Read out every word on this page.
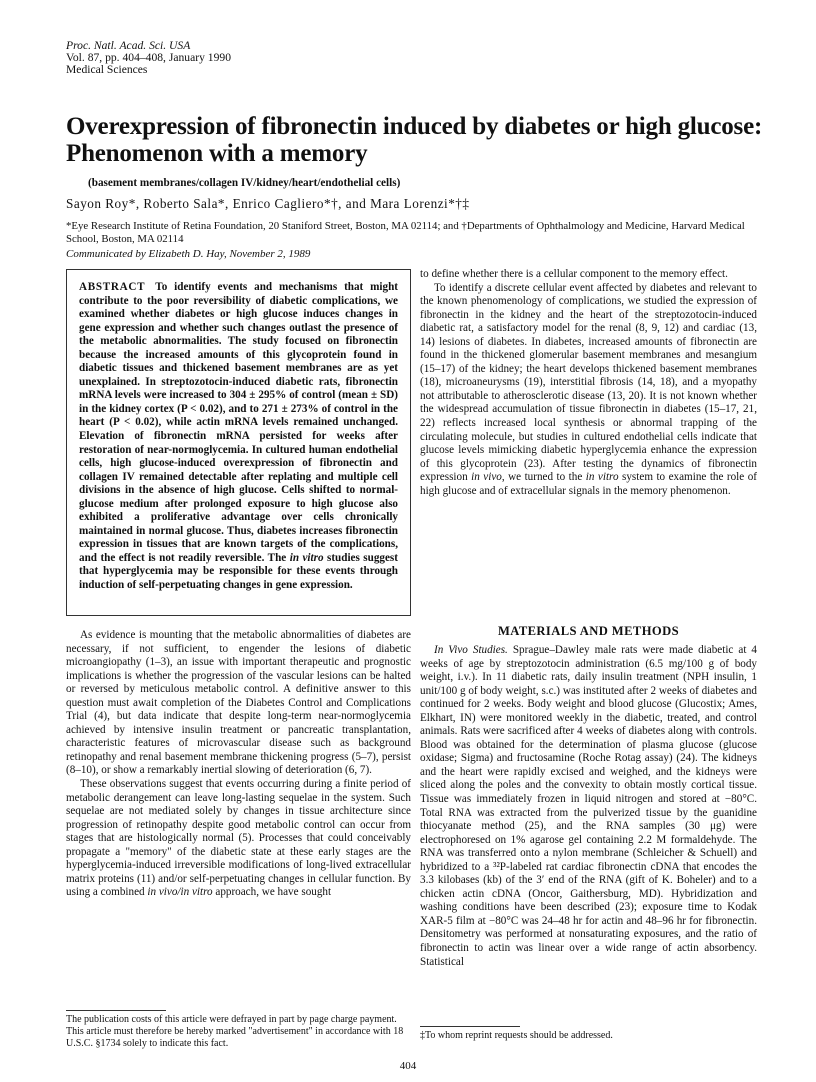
Proc. Natl. Acad. Sci. USA
Vol. 87, pp. 404–408, January 1990
Medical Sciences
Overexpression of fibronectin induced by diabetes or high glucose:
Phenomenon with a memory
(basement membranes/collagen IV/kidney/heart/endothelial cells)
Sayon Roy*, Roberto Sala*, Enrico Cagliero*†, and Mara Lorenzi*†‡
*Eye Research Institute of Retina Foundation, 20 Staniford Street, Boston, MA 02114; and †Departments of Ophthalmology and Medicine, Harvard Medical School, Boston, MA 02114
Communicated by Elizabeth D. Hay, November 2, 1989
ABSTRACT To identify events and mechanisms that might contribute to the poor reversibility of diabetic complications, we examined whether diabetes or high glucose induces changes in gene expression and whether such changes outlast the presence of the metabolic abnormalities. The study focused on fibronectin because the increased amounts of this glycoprotein found in diabetic tissues and thickened basement membranes are as yet unexplained. In streptozotocin-induced diabetic rats, fibronectin mRNA levels were increased to 304 ± 295% of control (mean ± SD) in the kidney cortex (P < 0.02), and to 271 ± 273% of control in the heart (P < 0.02), while actin mRNA levels remained unchanged. Elevation of fibronectin mRNA persisted for weeks after restoration of near-normoglycemia. In cultured human endothelial cells, high glucose-induced overexpression of fibronectin and collagen IV remained detectable after replating and multiple cell divisions in the absence of high glucose. Cells shifted to normal-glucose medium after prolonged exposure to high glucose also exhibited a proliferative advantage over cells chronically maintained in normal glucose. Thus, diabetes increases fibronectin expression in tissues that are known targets of the complications, and the effect is not readily reversible. The in vitro studies suggest that hyperglycemia may be responsible for these events through induction of self-perpetuating changes in gene expression.

As evidence is mounting that the metabolic abnormalities of diabetes are necessary, if not sufficient, to engender the lesions of diabetic microangiopathy (1–3), an issue with important therapeutic and prognostic implications is whether the progression of the vascular lesions can be halted or reversed by meticulous metabolic control. A definitive answer to this question must await completion of the Diabetes Control and Complications Trial (4), but data indicate that despite long-term near-normoglycemia achieved by intensive insulin treatment or pancreatic transplantation, characteristic features of microvascular disease such as background retinopathy and renal basement membrane thickening progress (5–7), persist (8–10), or show a remarkably inertial slowing of deterioration (6, 7).

These observations suggest that events occurring during a finite period of metabolic derangement can leave long-lasting sequelae in the system. Such sequelae are not mediated solely by changes in tissue architecture since progression of retinopathy despite good metabolic control can occur from stages that are histologically normal (5). Processes that could conceivably propagate a "memory" of the diabetic state at these early stages are the hyperglycemia-induced irreversible modifications of long-lived extracellular matrix proteins (11) and/or self-perpetuating changes in cellular function. By using a combined in vivo/in vitro approach, we have sought

to define whether there is a cellular component to the memory effect.

To identify a discrete cellular event affected by diabetes and relevant to the known phenomenology of complications, we studied the expression of fibronectin in the kidney and the heart of the streptozotocin-induced diabetic rat, a satisfactory model for the renal (8, 9, 12) and cardiac (13, 14) lesions of diabetes. In diabetes, increased amounts of fibronectin are found in the thickened glomerular basement membranes and mesangium (15–17) of the kidney; the heart develops thickened basement membranes (18), microaneurysms (19), interstitial fibrosis (14, 18), and a myopathy not attributable to atherosclerotic disease (13, 20). It is not known whether the widespread accumulation of tissue fibronectin in diabetes (15–17, 21, 22) reflects increased local synthesis or abnormal trapping of the circulating molecule, but studies in cultured endothelial cells indicate that glucose levels mimicking diabetic hyperglycemia enhance the expression of this glycoprotein (23). After testing the dynamics of fibronectin expression in vivo, we turned to the in vitro system to examine the role of high glucose and of extracellular signals in the memory phenomenon.

MATERIALS AND METHODS

In Vivo Studies. Sprague–Dawley male rats were made diabetic at 4 weeks of age by streptozotocin administration (6.5 mg/100 g of body weight, i.v.). In 11 diabetic rats, daily insulin treatment (NPH insulin, 1 unit/100 g of body weight, s.c.) was instituted after 2 weeks of diabetes and continued for 2 weeks. Body weight and blood glucose (Glucostix; Ames, Elkhart, IN) were monitored weekly in the diabetic, treated, and control animals. Rats were sacrificed after 4 weeks of diabetes along with controls. Blood was obtained for the determination of plasma glucose (glucose oxidase; Sigma) and fructosamine (Roche Rotag assay) (24). The kidneys and the heart were rapidly excised and weighed, and the kidneys were sliced along the poles and the convexity to obtain mostly cortical tissue. Tissue was immediately frozen in liquid nitrogen and stored at −80°C. Total RNA was extracted from the pulverized tissue by the guanidine thiocyanate method (25), and the RNA samples (30 μg) were electrophoresed on 1% agarose gel containing 2.2 M formaldehyde. The RNA was transferred onto a nylon membrane (Schleicher & Schuell) and hybridized to a ³²P-labeled rat cardiac fibronectin cDNA that encodes the 3.3 kilobases (kb) of the 3′ end of the RNA (gift of K. Boheler) and to a chicken actin cDNA (Oncor, Gaithersburg, MD). Hybridization and washing conditions have been described (23); exposure time to Kodak XAR-5 film at −80°C was 24–48 hr for actin and 48–96 hr for fibronectin. Densitometry was performed at nonsaturating exposures, and the ratio of fibronectin to actin was linear over a wide range of actin absorbency. Statistical

The publication costs of this article were defrayed in part by page charge payment. This article must therefore be hereby marked "advertisement" in accordance with 18 U.S.C. §1734 solely to indicate this fact.
‡To whom reprint requests should be addressed.
404
